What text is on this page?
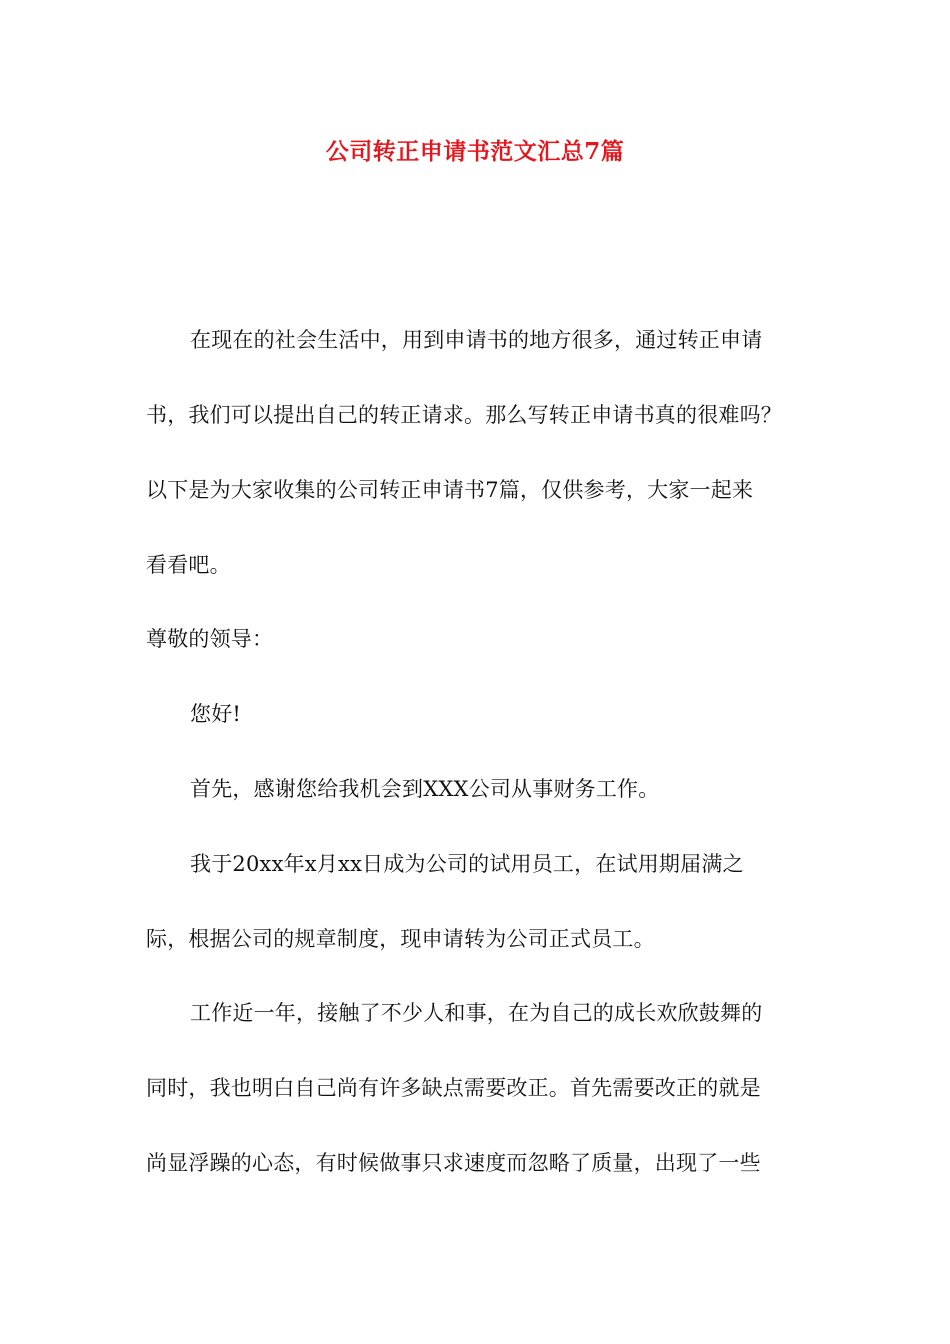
公司转正申请书范文汇总7篇
在现在的社会生活中，用到申请书的地方很多，通过转正申请
书，我们可以提出自己的转正请求。那么写转正申请书真的很难吗？
以下是为大家收集的公司转正申请书7篇，仅供参考，大家一起来
看看吧。
尊敬的领导：
您好!
首先，感谢您给我机会到XXX公司从事财务工作。
我于20xx年x月xx日成为公司的试用员工，在试用期届满之
际，根据公司的规章制度，现申请转为公司正式员工。
工作近一年，接触了不少人和事，在为自己的成长欢欣鼓舞的
同时，我也明白自己尚有许多缺点需要改正。首先需要改正的就是
尚显浮躁的心态，有时候做事只求速度而忽略了质量，出现了一些
